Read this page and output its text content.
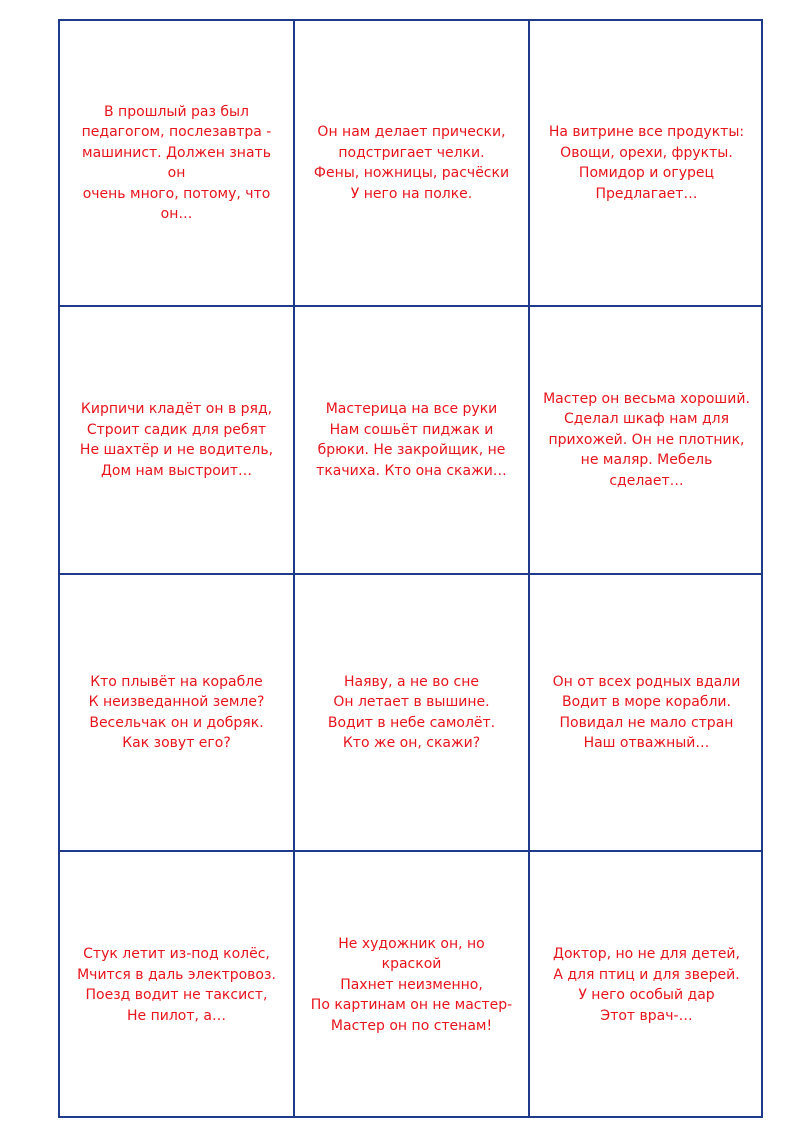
В прошлый раз был
педагогом, послезавтра -
машинист. Должен знать он
очень много, потому, что
он…

Он нам делает прически,
подстригает челки.
Фены, ножницы, расчёски
У него на полке.

На витрине все продукты:
Овощи, орехи, фрукты.
Помидор и огурец
Предлагает…

Кирпичи кладёт он в ряд,
Строит садик для ребят
Не шахтёр и не водитель,
Дом нам выстроит…

Мастерица на все руки
Нам сошьёт пиджак и
брюки. Не закройщик, не
ткачиха. Кто она скажи…

Мастер он весьма хороший.
Сделал шкаф нам для
прихожей. Он не плотник,
не маляр. Мебель сделает…

Кто плывёт на корабле
К неизведанной земле?
Весельчак он и добряк.
Как зовут его?

Наяву, а не во сне
Он летает в вышине.
Водит в небе самолёт.
Кто же он, скажи?

Он от всех родных вдали
Водит в море корабли.
Повидал не мало стран
Наш отважный…

Стук летит из-под колёс,
Мчится в даль электровоз.
Поезд водит не таксист,
Не пилот, а…

Не художник он, но краской
Пахнет неизменно,
По картинам он не мастер-
Мастер он по стенам!

Доктор, но не для детей,
А для птиц и для зверей.
У него особый дар
Этот врач-…
